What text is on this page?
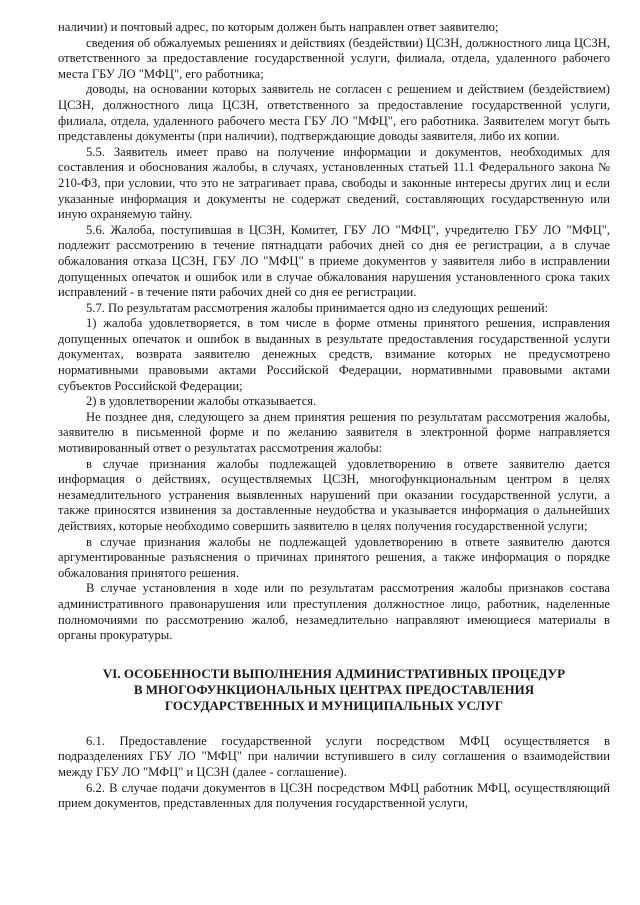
наличии) и почтовый адрес, по которым должен быть направлен ответ заявителю;

сведения об обжалуемых решениях и действиях (бездействии) ЦСЗН, должностного лица ЦСЗН, ответственного за предоставление государственной услуги, филиала, отдела, удаленного рабочего места ГБУ ЛО "МФЦ", его работника;

доводы, на основании которых заявитель не согласен с решением и действием (бездействием) ЦСЗН, должностного лица ЦСЗН, ответственного за предоставление государственной услуги, филиала, отдела, удаленного рабочего места ГБУ ЛО "МФЦ", его работника. Заявителем могут быть представлены документы (при наличии), подтверждающие доводы заявителя, либо их копии.

5.5. Заявитель имеет право на получение информации и документов, необходимых для составления и обоснования жалобы, в случаях, установленных статьей 11.1 Федерального закона № 210-ФЗ, при условии, что это не затрагивает права, свободы и законные интересы других лиц и если указанные информация и документы не содержат сведений, составляющих государственную или иную охраняемую тайну.

5.6. Жалоба, поступившая в ЦСЗН, Комитет, ГБУ ЛО "МФЦ", учредителю ГБУ ЛО "МФЦ", подлежит рассмотрению в течение пятнадцати рабочих дней со дня ее регистрации, а в случае обжалования отказа ЦСЗН, ГБУ ЛО "МФЦ" в приеме документов у заявителя либо в исправлении допущенных опечаток и ошибок или в случае обжалования нарушения установленного срока таких исправлений - в течение пяти рабочих дней со дня ее регистрации.

5.7. По результатам рассмотрения жалобы принимается одно из следующих решений:

1) жалоба удовлетворяется, в том числе в форме отмены принятого решения, исправления допущенных опечаток и ошибок в выданных в результате предоставления государственной услуги документах, возврата заявителю денежных средств, взимание которых не предусмотрено нормативными правовыми актами Российской Федерации, нормативными правовыми актами субъектов Российской Федерации;

2) в удовлетворении жалобы отказывается.

Не позднее дня, следующего за днем принятия решения по результатам рассмотрения жалобы, заявителю в письменной форме и по желанию заявителя в электронной форме направляется мотивированный ответ о результатах рассмотрения жалобы:

в случае признания жалобы подлежащей удовлетворению в ответе заявителю дается информация о действиях, осуществляемых ЦСЗН, многофункциональным центром в целях незамедлительного устранения выявленных нарушений при оказании государственной услуги, а также приносятся извинения за доставленные неудобства и указывается информация о дальнейших действиях, которые необходимо совершить заявителю в целях получения государственной услуги;

в случае признания жалобы не подлежащей удовлетворению в ответе заявителю даются аргументированные разъяснения о причинах принятого решения, а также информация о порядке обжалования принятого решения.

В случае установления в ходе или по результатам рассмотрения жалобы признаков состава административного правонарушения или преступления должностное лицо, работник, наделенные полномочиями по рассмотрению жалоб, незамедлительно направляют имеющиеся материалы в органы прокуратуры.

VI. ОСОБЕННОСТИ ВЫПОЛНЕНИЯ АДМИНИСТРАТИВНЫХ ПРОЦЕДУР
В МНОГОФУНКЦИОНАЛЬНЫХ ЦЕНТРАХ ПРЕДОСТАВЛЕНИЯ
ГОСУДАРСТВЕННЫХ И МУНИЦИПАЛЬНЫХ УСЛУГ

6.1. Предоставление государственной услуги посредством МФЦ осуществляется в подразделениях ГБУ ЛО "МФЦ" при наличии вступившего в силу соглашения о взаимодействии между ГБУ ЛО "МФЦ" и ЦСЗН (далее - соглашение).

6.2. В случае подачи документов в ЦСЗН посредством МФЦ работник МФЦ, осуществляющий прием документов, представленных для получения государственной услуги,
